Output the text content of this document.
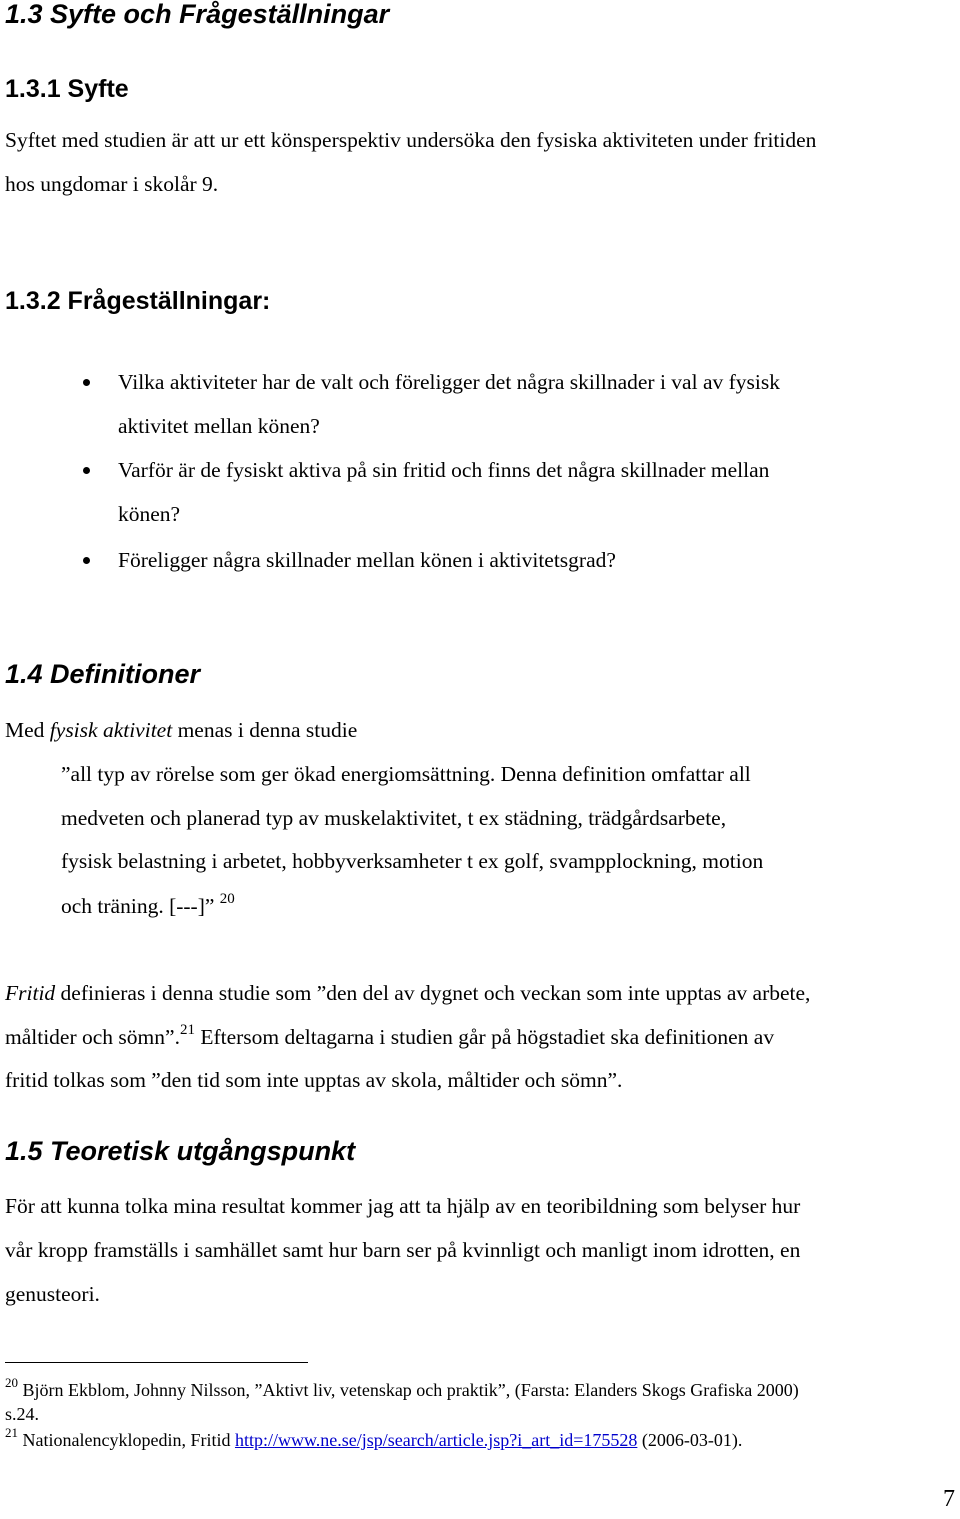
1.3 Syfte och Frågeställningar
1.3.1 Syfte
Syftet med studien är att ur ett könsperspektiv undersöka den fysiska aktiviteten under fritiden
hos ungdomar i skolår 9.
1.3.2 Frågeställningar:
Vilka aktiviteter har de valt och föreligger det några skillnader i val av fysisk
aktivitet mellan könen?
Varför är de fysiskt aktiva på sin fritid och finns det några skillnader mellan
könen?
Föreligger några skillnader mellan könen i aktivitetsgrad?
1.4 Definitioner
Med fysisk aktivitet menas i denna studie
”all typ av rörelse som ger ökad energiomsättning. Denna definition omfattar all
medveten och planerad typ av muskelaktivitet, t ex städning, trädgårdsarbete,
fysisk belastning i arbetet, hobbyverksamheter t ex golf, svampplockning, motion
och träning. [---]” $^{20}$
Fritid definieras i denna studie som ”den del av dygnet och veckan som inte upptas av arbete,
måltider och sömn”.$^{21}$ Eftersom deltagarna i studien går på högstadiet ska definitionen av
fritid tolkas som ”den tid som inte upptas av skola, måltider och sömn”.
1.5 Teoretisk utgångspunkt
För att kunna tolka mina resultat kommer jag att ta hjälp av en teoribildning som belyser hur
vår kropp framställs i samhället samt hur barn ser på kvinnligt och manligt inom idrotten, en
genusteori.
$^{20}$ Björn Ekblom, Johnny Nilsson, ”Aktivt liv, vetenskap och praktik”, (Farsta: Elanders Skogs Grafiska 2000)
s.24.
$^{21}$ Nationalencyklopedin, Fritid http://www.ne.se/jsp/search/article.jsp?i_art_id=175528 (2006-03-01).
7
